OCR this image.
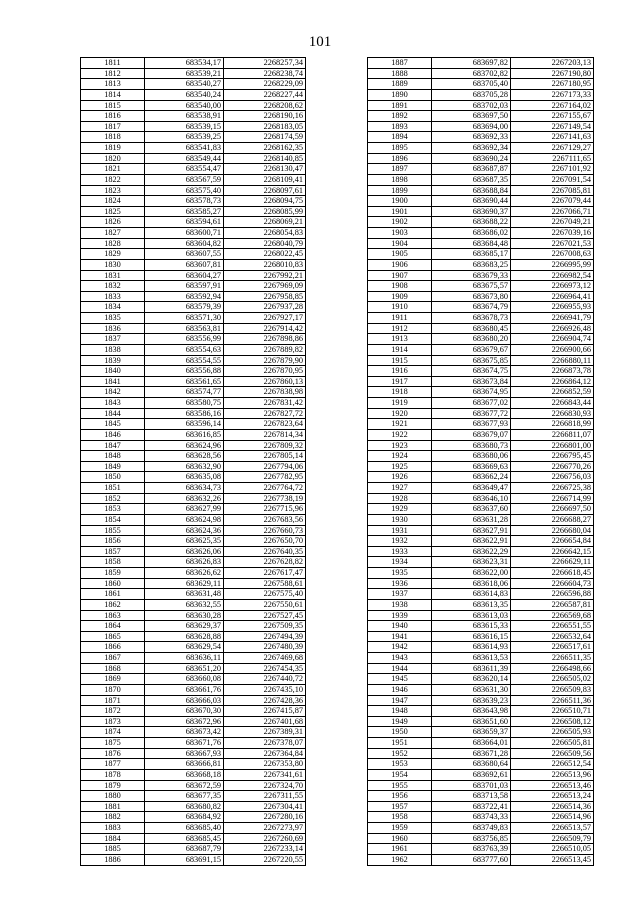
101
1811	683534,17	2268257,34
1812	683539,21	2268238,74
1813	683540,27	2268229,09
1814	683540,24	2268227,44
1815	683540,00	2268208,62
1816	683538,91	2268190,16
1817	683539,15	2268183,05
1818	683539,25	2268174,59
1819	683541,83	2268162,35
1820	683549,44	2268140,85
1821	683554,47	2268130,47
1822	683567,59	2268109,41
1823	683575,40	2268097,61
1824	683578,73	2268094,75
1825	683585,27	2268085,99
1826	683594,61	2268069,21
1827	683600,71	2268054,83
1828	683604,82	2268040,79
1829	683607,55	2268022,45
1830	683607,81	2268010,83
1831	683604,27	2267992,21
1832	683597,91	2267969,09
1833	683592,94	2267958,85
1834	683579,39	2267937,28
1835	683571,30	2267927,17
1836	683563,81	2267914,42
1837	683556,99	2267898,86
1838	683554,63	2267889,82
1839	683554,55	2267879,90
1840	683556,88	2267870,95
1841	683561,65	2267860,13
1842	683574,77	2267838,98
1843	683580,75	2267831,42
1844	683586,16	2267827,72
1845	683596,14	2267823,64
1846	683616,85	2267814,34
1847	683624,96	2267809,32
1848	683628,56	2267805,14
1849	683632,90	2267794,06
1850	683635,08	2267782,95
1851	683634,73	2267764,72
1852	683632,26	2267738,19
1853	683627,99	2267715,96
1854	683624,98	2267683,56
1855	683624,36	2267660,73
1856	683625,35	2267650,70
1857	683626,06	2267640,35
1858	683626,83	2267628,82
1859	683626,62	2267617,47
1860	683629,11	2267588,61
1861	683631,48	2267575,40
1862	683632,55	2267550,61
1863	683630,28	2267527,45
1864	683629,37	2267509,35
1865	683628,88	2267494,39
1866	683629,54	2267480,39
1867	683636,11	2267469,68
1868	683651,20	2267454,35
1869	683660,08	2267440,72
1870	683661,76	2267435,10
1871	683666,03	2267428,36
1872	683670,30	2267415,87
1873	683672,96	2267401,68
1874	683673,42	2267389,31
1875	683671,76	2267378,07
1876	683667,93	2267364,84
1877	683666,81	2267353,80
1878	683668,18	2267341,61
1879	683672,59	2267324,70
1880	683677,35	2267311,55
1881	683680,82	2267304,41
1882	683684,92	2267280,16
1883	683685,40	2267273,97
1884	683685,45	2267260,69
1885	683687,79	2267233,14
1886	683691,15	2267220,55
1887	683697,82	2267203,13
1888	683702,82	2267190,80
1889	683705,40	2267180,95
1890	683705,28	2267173,33
1891	683702,03	2267164,02
1892	683697,50	2267155,67
1893	683694,00	2267149,54
1894	683692,33	2267141,63
1895	683692,34	2267129,27
1896	683690,24	2267111,65
1897	683687,87	2267101,92
1898	683687,35	2267091,54
1899	683688,84	2267085,81
1900	683690,44	2267079,44
1901	683690,37	2267066,71
1902	683688,22	2267049,21
1903	683686,02	2267039,16
1904	683684,48	2267021,53
1905	683685,17	2267008,63
1906	683683,25	2266995,99
1907	683679,33	2266982,54
1908	683675,57	2266973,12
1909	683673,80	2266964,41
1910	683674,79	2266955,93
1911	683678,73	2266941,79
1912	683680,45	2266926,48
1913	683680,20	2266904,74
1914	683679,67	2266900,66
1915	683675,85	2266880,11
1916	683674,75	2266873,78
1917	683673,84	2266864,12
1918	683674,95	2266852,59
1919	683677,02	2266843,44
1920	683677,72	2266830,93
1921	683677,93	2266818,99
1922	683679,07	2266811,07
1923	683680,73	2266801,00
1924	683680,06	2266795,45
1925	683669,63	2266770,26
1926	683662,24	2266756,03
1927	683649,47	2266725,38
1928	683646,10	2266714,99
1929	683637,60	2266697,50
1930	683631,28	2266688,27
1931	683627,91	2266680,04
1932	683622,91	2266654,84
1933	683622,29	2266642,15
1934	683623,31	2266629,11
1935	683622,00	2266618,45
1936	683618,06	2266604,73
1937	683614,83	2266596,88
1938	683613,35	2266587,81
1939	683613,03	2266569,68
1940	683615,33	2266551,55
1941	683616,15	2266532,64
1942	683614,93	2266517,61
1943	683613,53	2266511,35
1944	683611,39	2266498,66
1945	683620,14	2266505,02
1946	683631,30	2266509,83
1947	683639,23	2266511,36
1948	683643,98	2266510,71
1949	683651,60	2266508,12
1950	683659,37	2266505,93
1951	683664,01	2266505,81
1952	683671,28	2266509,56
1953	683680,64	2266512,54
1954	683692,61	2266513,96
1955	683701,03	2266513,46
1956	683713,58	2266513,24
1957	683722,41	2266514,36
1958	683743,33	2266514,96
1959	683749,83	2266513,57
1960	683756,85	2266509,79
1961	683763,39	2266510,05
1962	683777,60	2266513,45
